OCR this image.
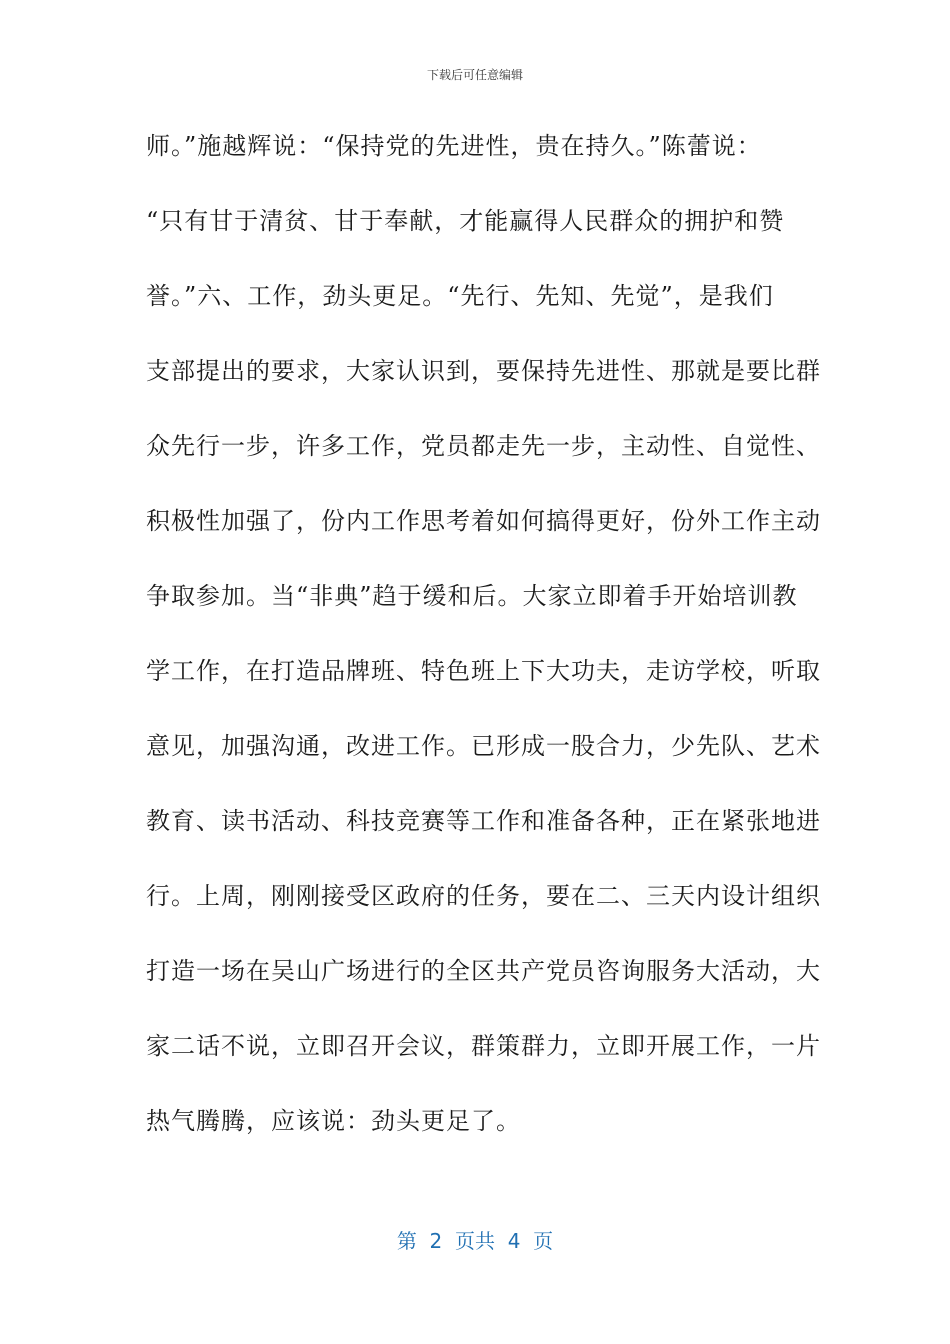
下载后可任意编辑
师。”施越辉说：“保持党的先进性，贵在持久。”陈蕾说：
“只有甘于清贫、甘于奉献，才能赢得人民群众的拥护和赞
誉。”六、工作，劲头更足。“先行、先知、先觉”，是我们
支部提出的要求，大家认识到，要保持先进性、那就是要比群
众先行一步，许多工作，党员都走先一步，主动性、自觉性、
积极性加强了，份内工作思考着如何搞得更好，份外工作主动
争取参加。当“非典”趋于缓和后。大家立即着手开始培训教
学工作，在打造品牌班、特色班上下大功夫，走访学校，听取
意见，加强沟通，改进工作。已形成一股合力，少先队、艺术
教育、读书活动、科技竞赛等工作和准备各种，正在紧张地进
行。上周，刚刚接受区政府的任务，要在二、三天内设计组织
打造一场在吴山广场进行的全区共产党员咨询服务大活动，大
家二话不说，立即召开会议，群策群力，立即开展工作，一片
热气腾腾，应该说：劲头更足了。
第 2 页共 4 页
